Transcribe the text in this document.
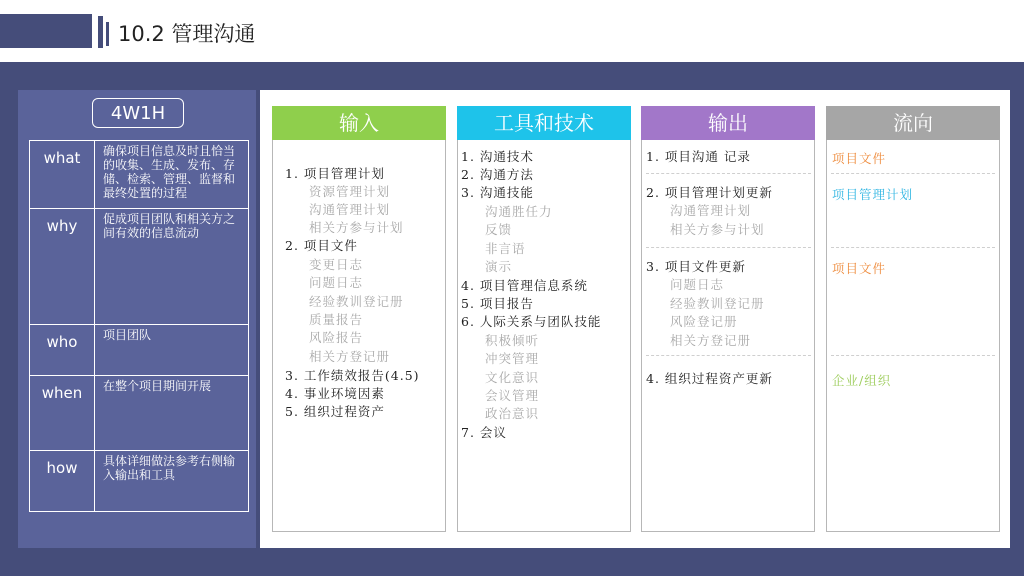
10.2 管理沟通
4W1H
what	确保项目信息及时且恰当的收集、生成、发布、存储、检索、管理、监督和最终处置的过程

why	促成项目团队和相关方之间有效的信息流动

who	项目团队

when	在整个项目期间开展

how	具体详细做法参考右侧输入输出和工具
输入
1. 项目管理计划
资源管理计划
沟通管理计划
相关方参与计划
2. 项目文件
变更日志
问题日志
经验教训登记册
质量报告
风险报告
相关方登记册
3. 工作绩效报告(4.5)
4. 事业环境因素
5. 组织过程资产
工具和技术
1. 沟通技术
2. 沟通方法
3. 沟通技能
沟通胜任力
反馈
非言语
演示
4. 项目管理信息系统
5. 项目报告
6. 人际关系与团队技能
积极倾听
冲突管理
文化意识
会议管理
政治意识
7. 会议
输出
1. 项目沟通 记录
2. 项目管理计划更新
沟通管理计划
相关方参与计划
3. 项目文件更新
问题日志
经验教训登记册
风险登记册
相关方登记册
4. 组织过程资产更新
流向
项目文件
项目管理计划
项目文件
企业/组织
